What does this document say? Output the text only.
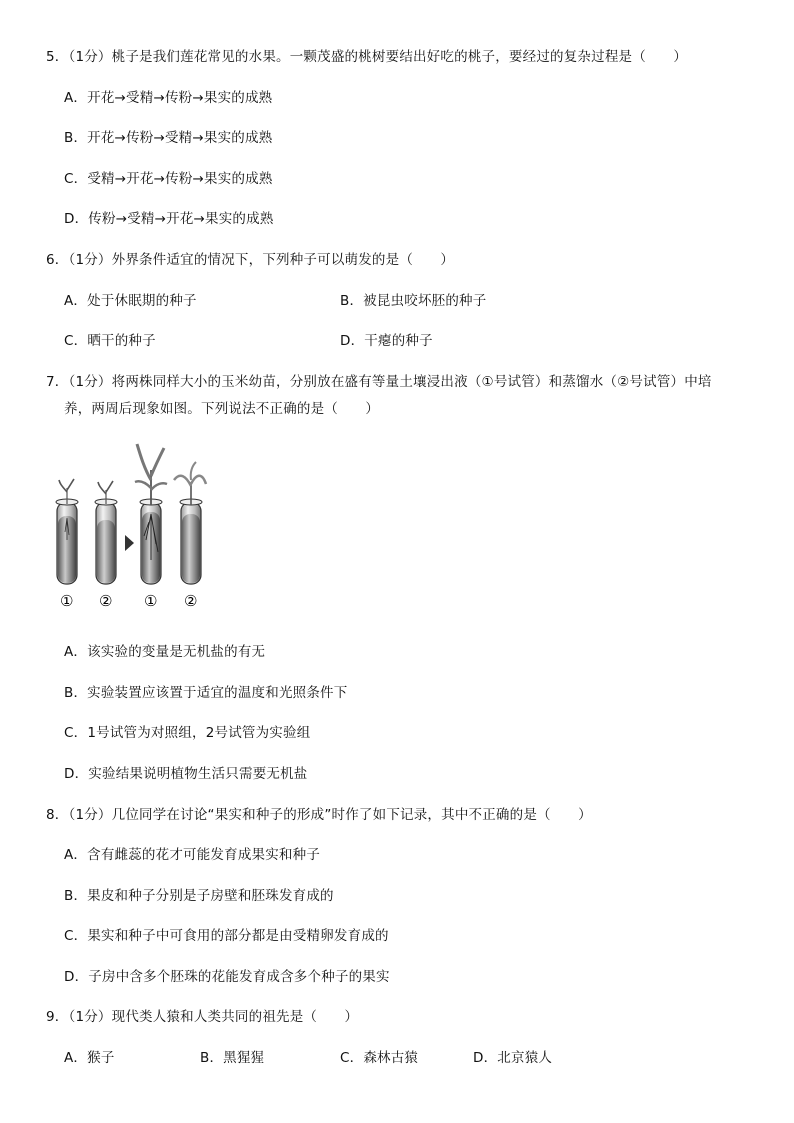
5．（1分）桃子是我们莲花常见的水果。一颗茂盛的桃树要结出好吃的桃子，要经过的复杂过程是（　　）
A．开花→受精→传粉→果实的成熟
B．开花→传粉→受精→果实的成熟
C．受精→开花→传粉→果实的成熟
D．传粉→受精→开花→果实的成熟
6．（1分）外界条件适宜的情况下，下列种子可以萌发的是（　　）
A．处于休眠期的种子	B．被昆虫咬坏胚的种子
C．晒干的种子	D．干瘪的种子
7．（1分）将两株同样大小的玉米幼苗，分别放在盛有等量土壤浸出液（①号试管）和蒸馏水（②号试管）中培
养，两周后现象如图。下列说法不正确的是（　　）
① ② ① ②
A．该实验的变量是无机盐的有无
B．实验装置应该置于适宜的温度和光照条件下
C．1号试管为对照组，2号试管为实验组
D．实验结果说明植物生活只需要无机盐
8．（1分）几位同学在讨论“果实和种子的形成”时作了如下记录，其中不正确的是（　　）
A．含有雌蕊的花才可能发育成果实和种子
B．果皮和种子分别是子房壁和胚珠发育成的
C．果实和种子中可食用的部分都是由受精卵发育成的
D．子房中含多个胚珠的花能发育成含多个种子的果实
9．（1分）现代类人猿和人类共同的祖先是（　　）
A．猴子	B．黑猩猩	C．森林古猿	D．北京猿人
